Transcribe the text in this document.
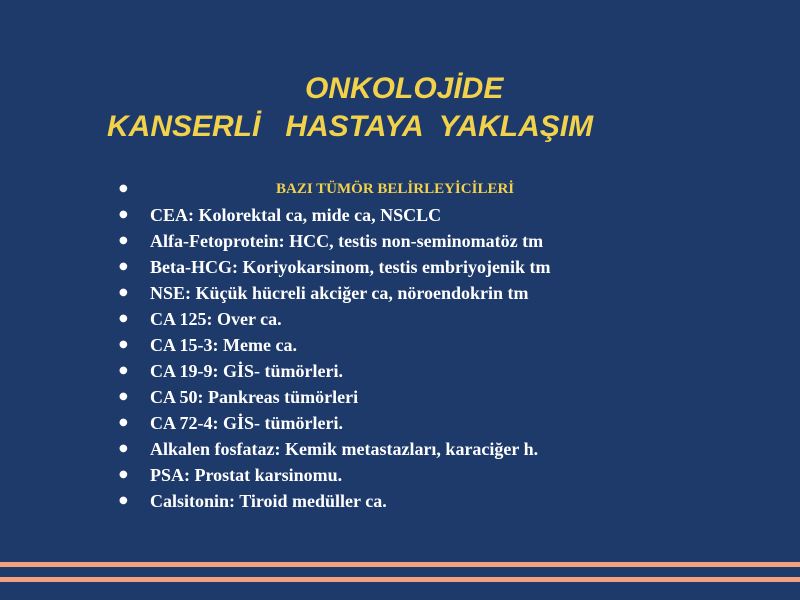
ONKOLOJİDE
KANSERLİ   HASTAYA  YAKLAŞIM
●	BAZI TÜMÖR BELİRLEYİCİLERİ
● CEA: Kolorektal ca, mide ca, NSCLC
● Alfa-Fetoprotein: HCC, testis non-seminomatöz tm
● Beta-HCG: Koriyokarsinom, testis embriyojenik tm
● NSE: Küçük hücreli akciğer ca, nöroendokrin tm
● CA 125: Over ca.
● CA 15-3: Meme ca.
● CA 19-9: GİS- tümörleri.
● CA 50: Pankreas tümörleri
● CA 72-4: GİS- tümörleri.
● Alkalen fosfataz: Kemik metastazları, karaciğer h.
● PSA: Prostat karsinomu.
● Calsitonin: Tiroid medüller ca.
